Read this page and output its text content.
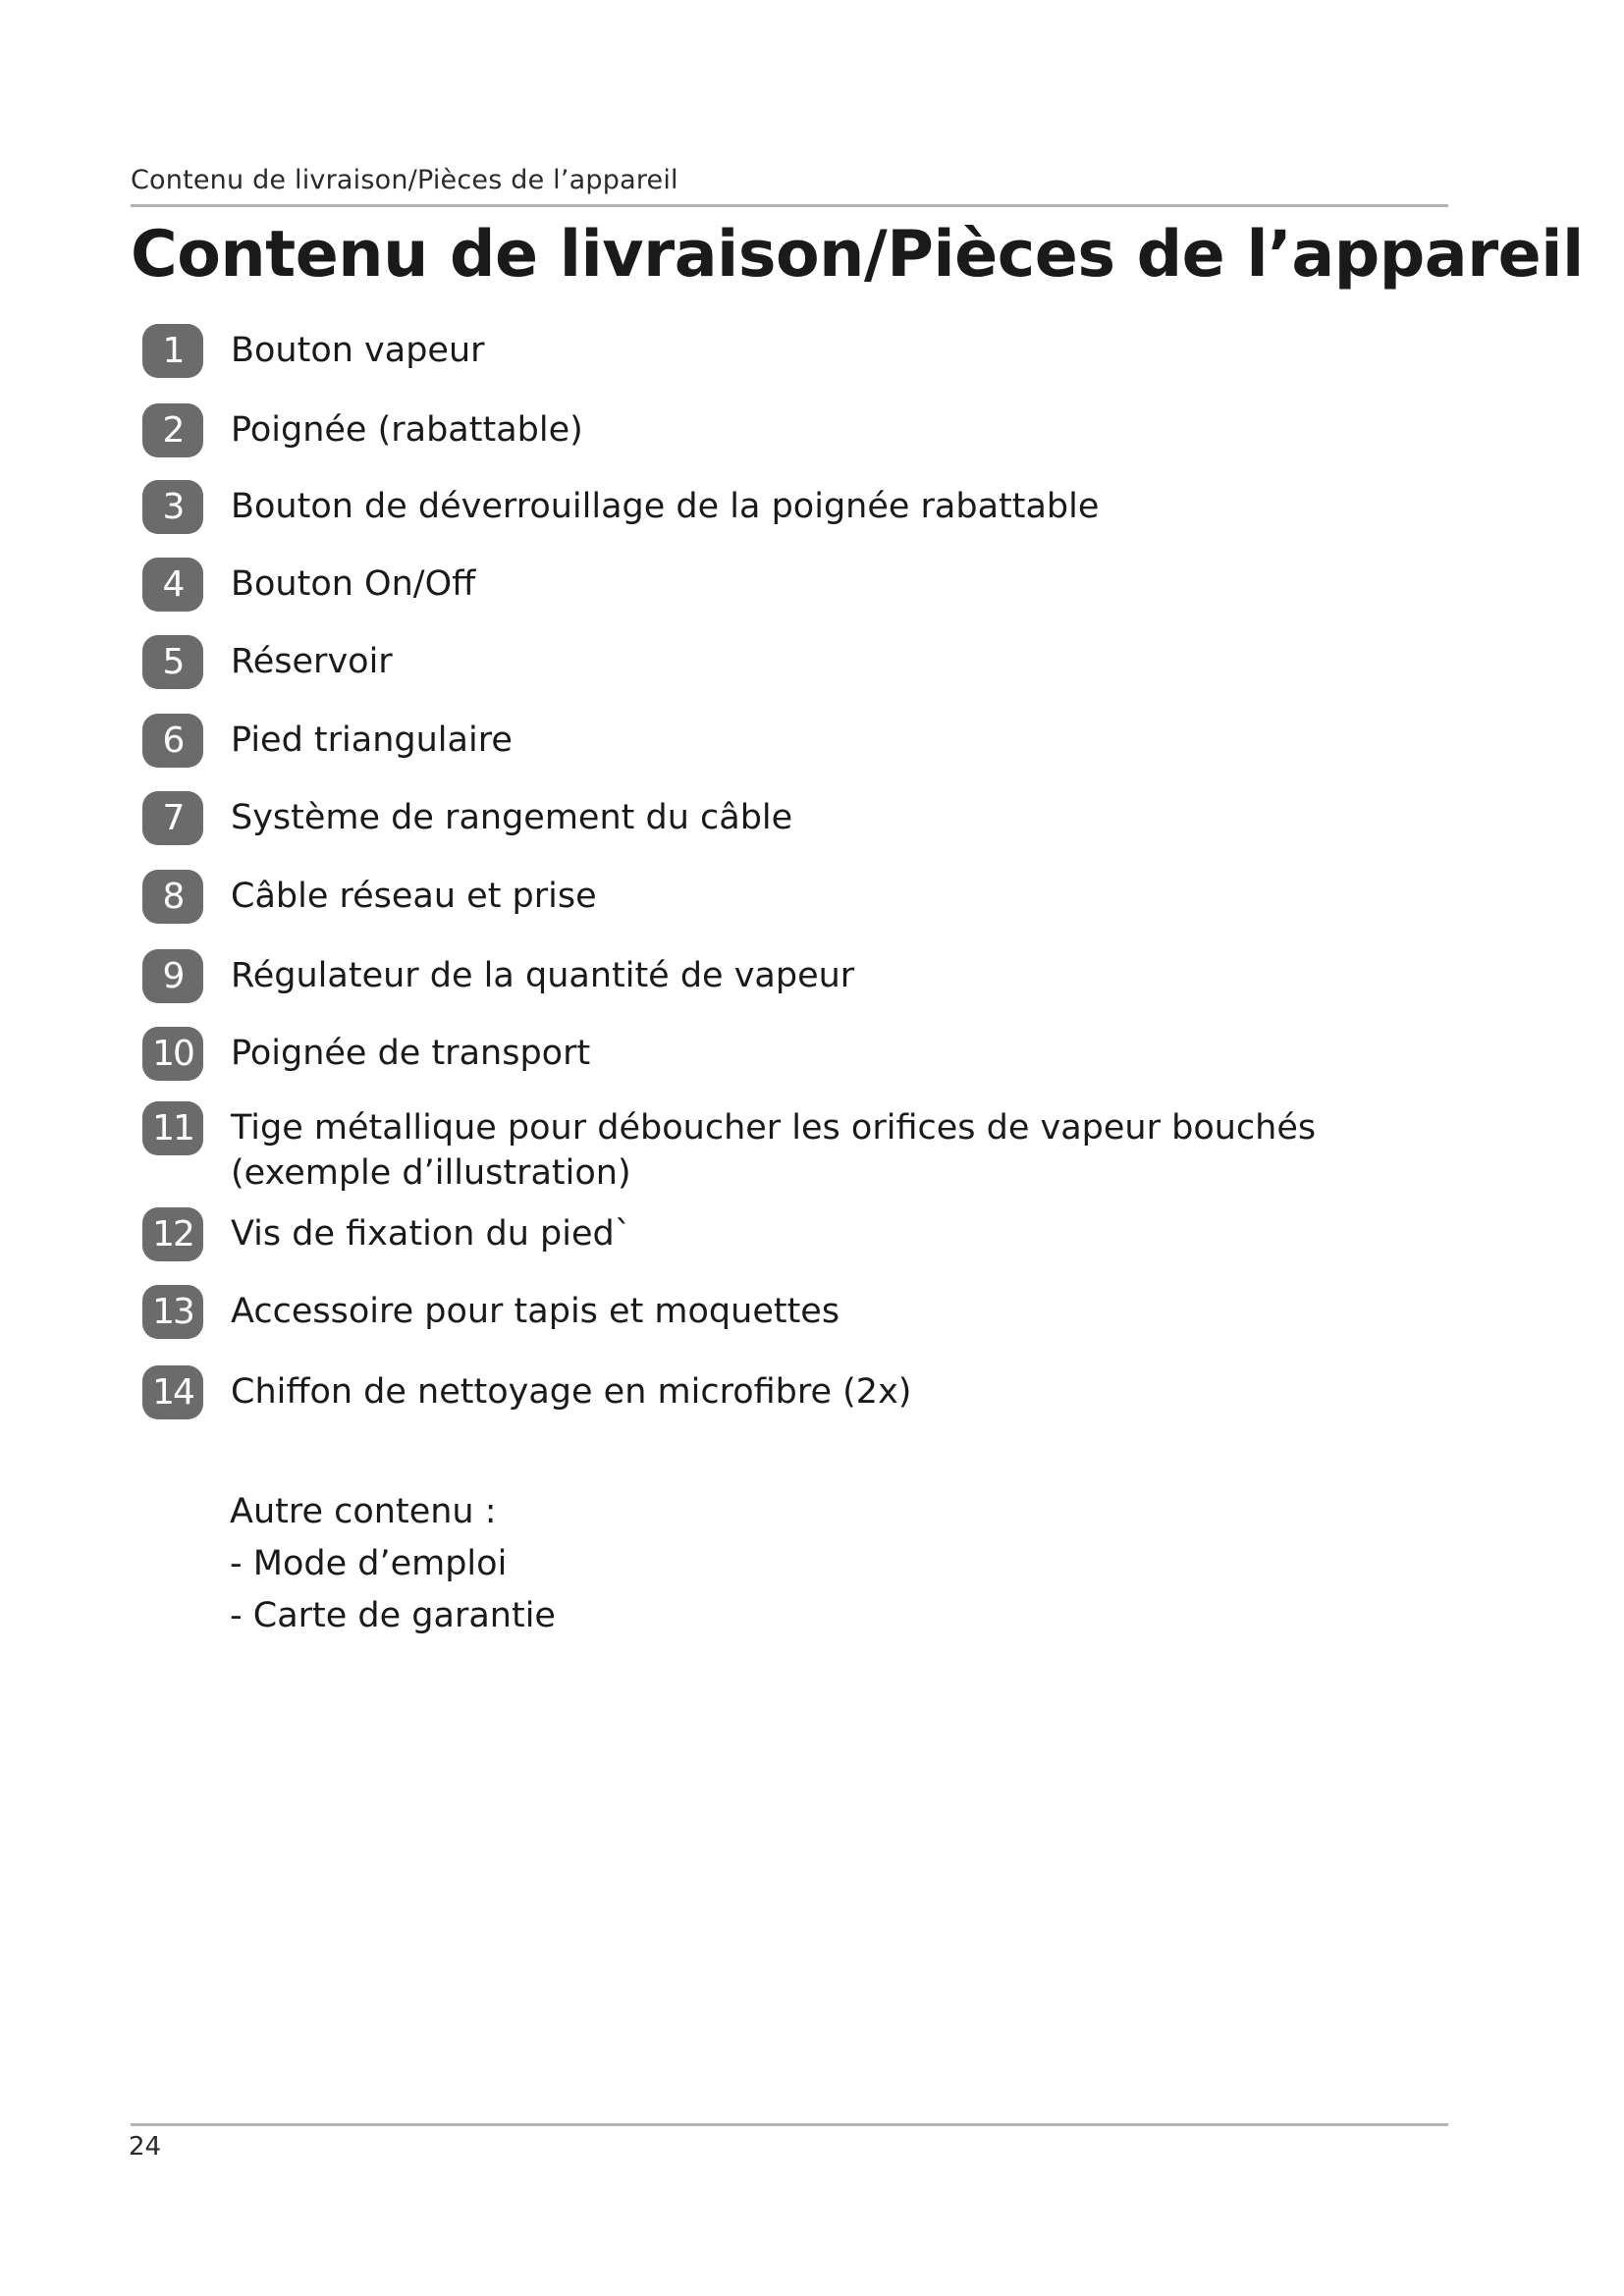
Contenu de livraison/Pièces de l’appareil
Contenu de livraison/Pièces de l’appareil
1	Bouton vapeur
2	Poignée (rabattable)
3	Bouton de déverrouillage de la poignée rabattable
4	Bouton On/Off
5	Réservoir
6	Pied triangulaire
7	Système de rangement du câble
8	Câble réseau et prise
9	Régulateur de la quantité de vapeur
10 Poignée de transport
11 Tige métallique pour déboucher les orifices de vapeur bouchés
(exemple d’illustration)
12 Vis de fixation du pied`
13 Accessoire pour tapis et moquettes
14 Chiffon de nettoyage en microfibre (2x)
Autre contenu :
- Mode d’emploi
- Carte de garantie
24
